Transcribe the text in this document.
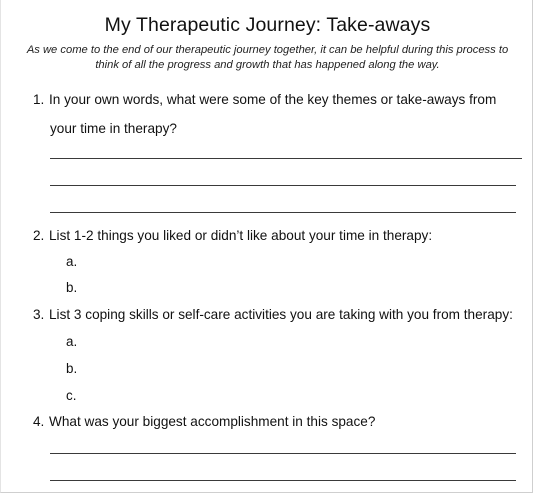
My Therapeutic Journey: Take-aways
As we come to the end of our therapeutic journey together, it can be helpful during this process to
think of all the progress and growth that has happened along the way.
1. In your own words, what were some of the key themes or take-aways from
your time in therapy?
2. List 1-2 things you liked or didn’t like about your time in therapy:
a.
b.
3. List 3 coping skills or self-care activities you are taking with you from therapy:
a.
b.
c.
4. What was your biggest accomplishment in this space?
